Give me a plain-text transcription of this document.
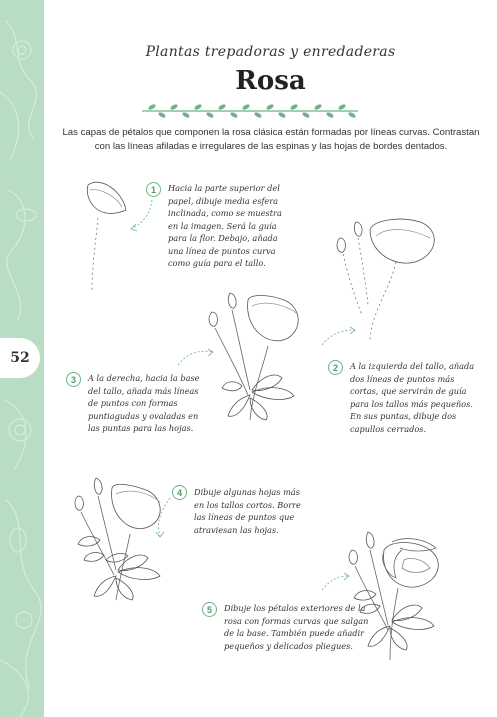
52
Plantas trepadoras y enredaderas
Rosa
Las capas de pétalos que componen la rosa clásica están formadas por líneas curvas. Contrastan con las líneas afiladas e irregulares de las espinas y las hojas de bordes dentados.
1	Hacia la parte superior del papel, dibuje media esfera inclinada, como se muestra en la imagen. Será la guía para la flor. Debajo, añada una línea de puntos curva como guía para el tallo.
2	A la izquierda del tallo, añada dos líneas de puntos más cortas, que servirán de guía para los tallos más pequeños. En sus puntas, dibuje dos capullos cerrados.
3	A la derecha, hacia la base del tallo, añada más líneas de puntos con formas puntiagudas y ovaladas en las puntas para las hojas.
4	Dibuje algunas hojas más en los tallos cortos. Borre las líneas de puntos que atraviesan las hojas.
5	Dibuje los pétalos exteriores de la rosa con formas curvas que salgan de la base. También puede añadir pequeños y delicados pliegues.
